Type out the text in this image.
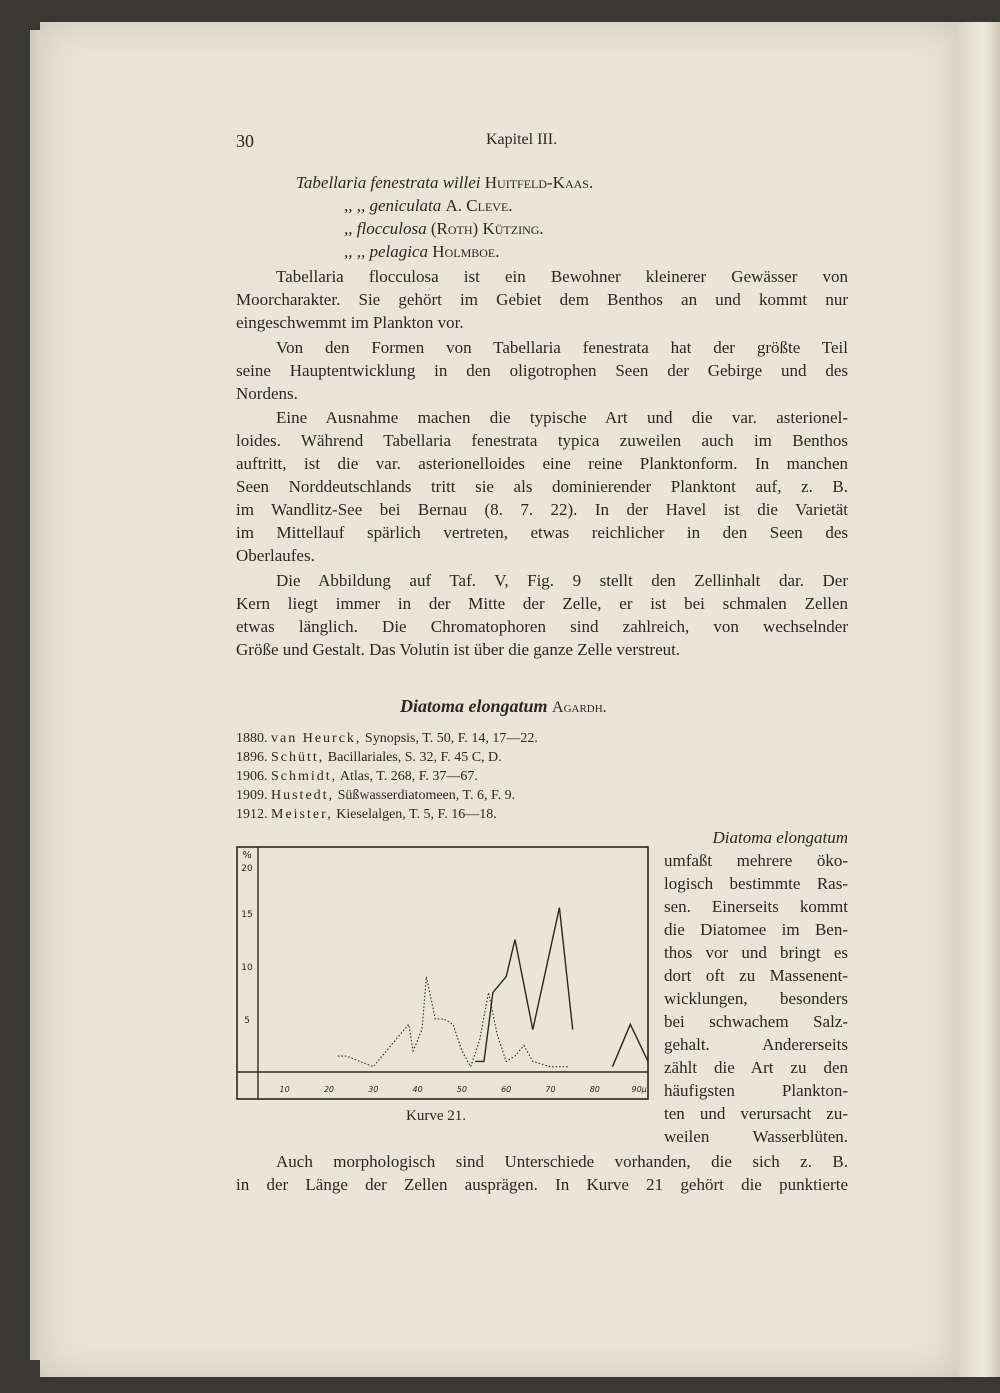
30	Kapitel III.
Tabellaria fenestrata willei Huitfeld-Kaas.
,, ,, geniculata A. Cleve.
,, flocculosa (Roth) Kützing.
,, ,, pelagica Holmboe.
Tabellaria flocculosa ist ein Bewohner kleinerer Gewässer von
Moorcharakter. Sie gehört im Gebiet dem Benthos an und kommt nur
eingeschwemmt im Plankton vor.
Von den Formen von Tabellaria fenestrata hat der größte Teil
seine Hauptentwicklung in den oligotrophen Seen der Gebirge und des
Nordens.
Eine Ausnahme machen die typische Art und die var. asterionel-
loides. Während Tabellaria fenestrata typica zuweilen auch im Benthos
auftritt, ist die var. asterionelloides eine reine Planktonform. In manchen
Seen Norddeutschlands tritt sie als dominierender Planktont auf, z. B.
im Wandlitz-See bei Bernau (8. 7. 22). In der Havel ist die Varietät
im Mittellauf spärlich vertreten, etwas reichlicher in den Seen des
Oberlaufes.
Die Abbildung auf Taf. V, Fig. 9 stellt den Zellinhalt dar. Der
Kern liegt immer in der Mitte der Zelle, er ist bei schmalen Zellen
etwas länglich. Die Chromatophoren sind zahlreich, von wechselnder
Größe und Gestalt. Das Volutin ist über die ganze Zelle verstreut.
Diatoma elongatum Agardh.
1880. van Heurck, Synopsis, T. 50, F. 14, 17—22.
1896. Schütt, Bacillariales, S. 32, F. 45 C, D.
1906. Schmidt, Atlas, T. 268, F. 37—67.
1909. Hustedt, Süßwasserdiatomeen, T. 6, F. 9.
1912. Meister, Kieselalgen, T. 5, F. 16—18.
Diatoma elongatum
umfaßt mehrere öko-
logisch bestimmte Ras-
sen. Einerseits kommt
die Diatomee im Ben-
thos vor und bringt es
dort oft zu Massenent-
wicklungen, besonders
bei schwachem Salz-
gehalt. Andererseits
zählt die Art zu den
häufigsten Plankton-
ten und verursacht zu-
weilen Wasserblüten.
%
5
10
15
20
10	20	30	40	50	60	70	80	90µ
Kurve 21.
Auch morphologisch sind Unterschiede vorhanden, die sich z. B.
in der Länge der Zellen ausprägen. In Kurve 21 gehört die punktierte
